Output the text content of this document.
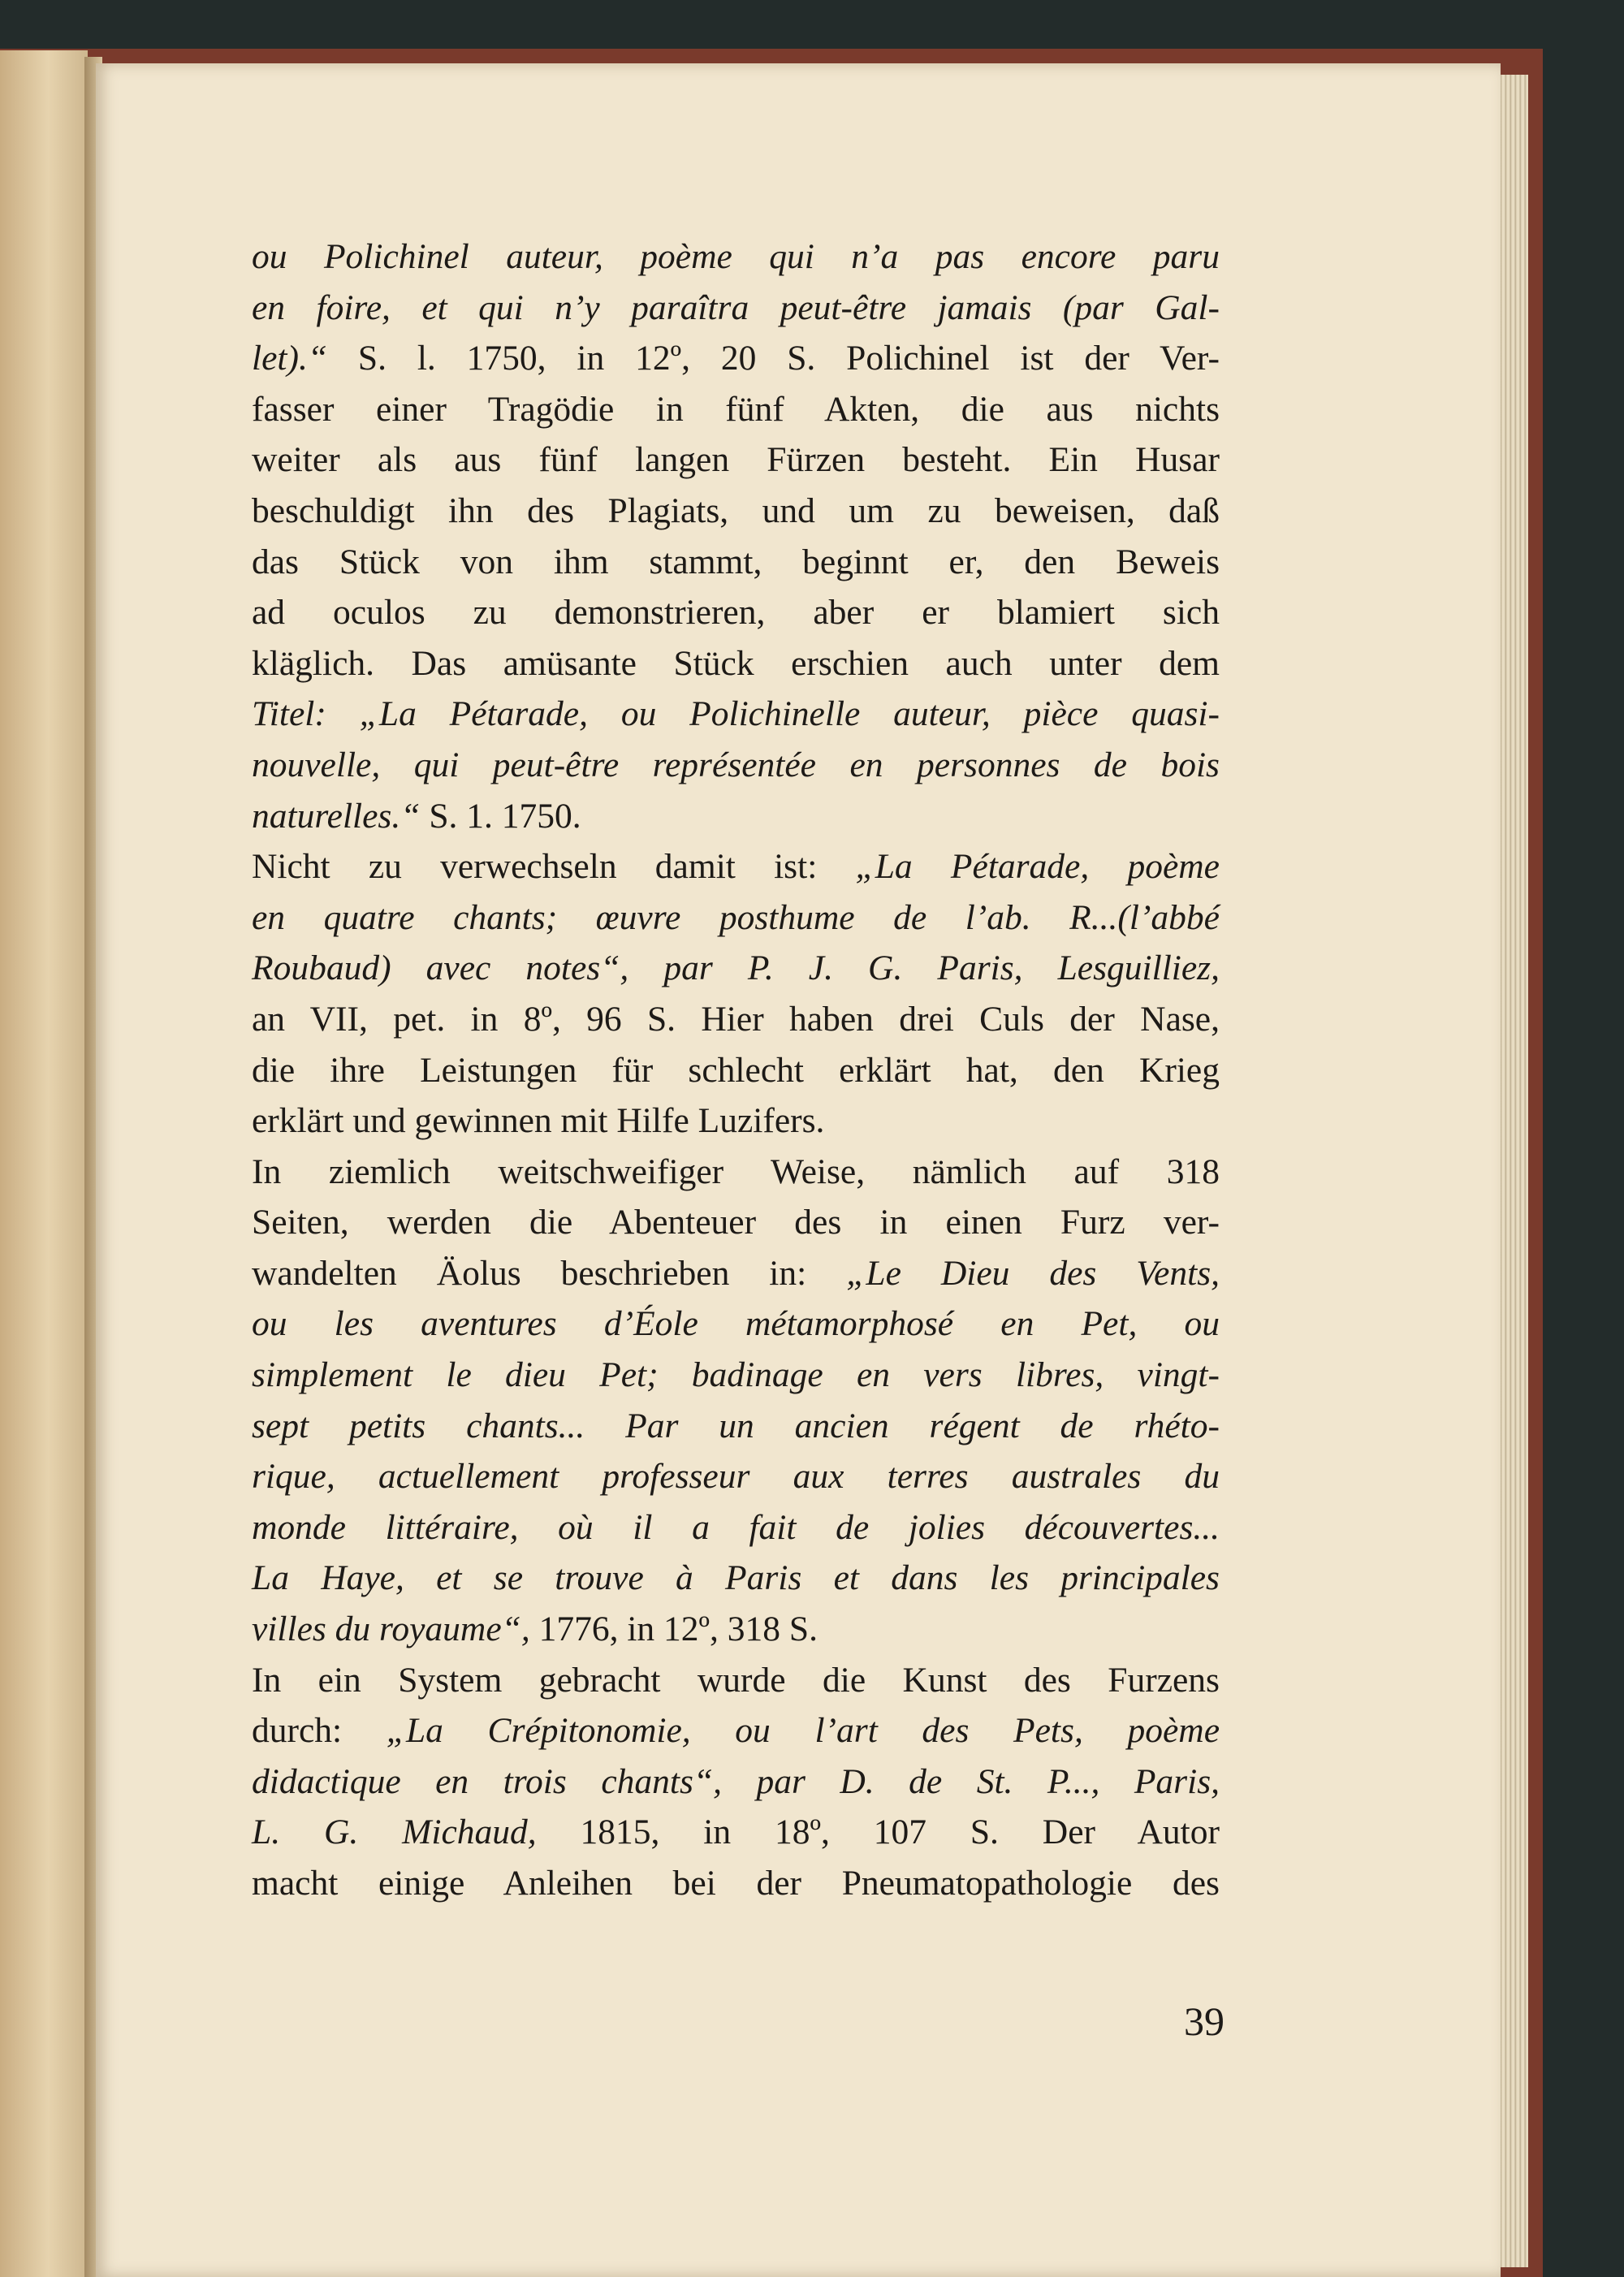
ou Polichinel auteur, poème qui n’a pas encore paru
en foire, et qui n’y paraîtra peut-être jamais (par Gal-
let).“ S. l. 1750, in 12º, 20 S. Polichinel ist der Ver-
fasser einer Tragödie in fünf Akten, die aus nichts
weiter als aus fünf langen Fürzen besteht. Ein Husar
beschuldigt ihn des Plagiats, und um zu beweisen, daß
das Stück von ihm stammt, beginnt er, den Beweis
ad oculos zu demonstrieren, aber er blamiert sich
kläglich. Das amüsante Stück erschien auch unter dem
Titel: „La Pétarade, ou Polichinelle auteur, pièce quasi-
nouvelle, qui peut-être représentée en personnes de bois
naturelles.“ S. 1. 1750.
Nicht zu verwechseln damit ist: „La Pétarade, poème
en quatre chants; œuvre posthume de l’ab. R...(l’abbé
Roubaud) avec notes“, par P. J. G. Paris, Lesguilliez,
an VII, pet. in 8º, 96 S. Hier haben drei Culs der Nase,
die ihre Leistungen für schlecht erklärt hat, den Krieg
erklärt und gewinnen mit Hilfe Luzifers.
In ziemlich weitschweifiger Weise, nämlich auf 318
Seiten, werden die Abenteuer des in einen Furz ver-
wandelten Äolus beschrieben in: „Le Dieu des Vents,
ou les aventures d’Éole métamorphosé en Pet, ou
simplement le dieu Pet; badinage en vers libres, vingt-
sept petits chants... Par un ancien régent de rhéto-
rique, actuellement professeur aux terres australes du
monde littéraire, où il a fait de jolies découvertes...
La Haye, et se trouve à Paris et dans les principales
villes du royaume“, 1776, in 12º, 318 S.
In ein System gebracht wurde die Kunst des Furzens
durch: „La Crépitonomie, ou l’art des Pets, poème
didactique en trois chants“, par D. de St. P..., Paris,
L. G. Michaud, 1815, in 18º, 107 S. Der Autor
macht einige Anleihen bei der Pneumatopathologie des
39
